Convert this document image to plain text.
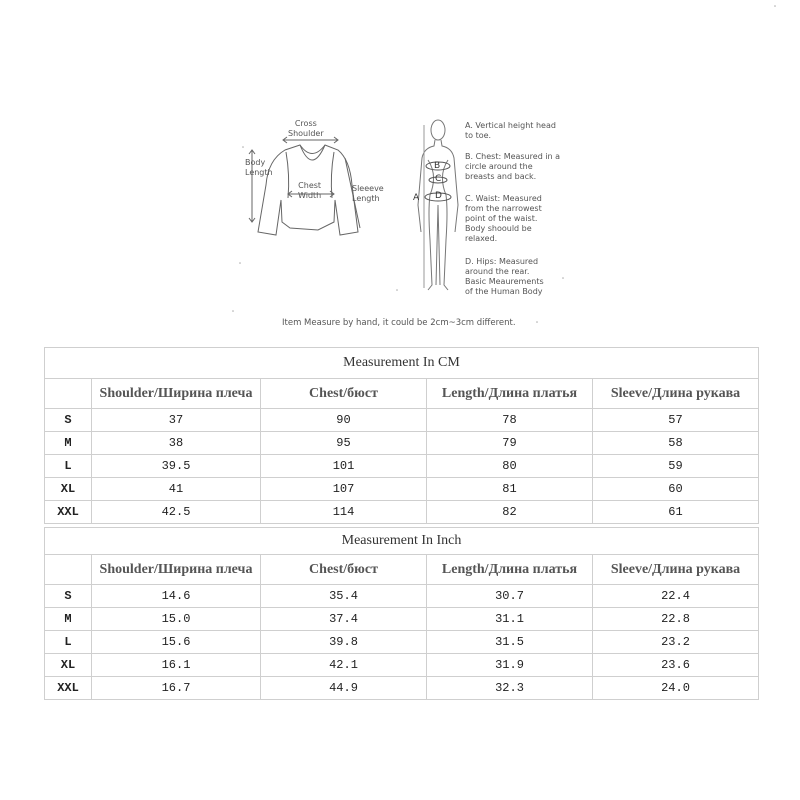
Cross
Shoulder
Body
Length
Chest
Width
Sleeeve
Length	A
B
C
D
A. Vertical height head
to toe.
B. Chest: Measured in a
circle around the
breasts and back.
C. Waist: Measured
from the narrowest
point of the waist.
Body shoould be
relaxed.
D. Hips: Measured
around the rear.
Basic Meaurements
of the Human Body
Item Measure by hand, it could be 2cm~3cm different.
Measurement In CM				
	Shoulder/Ширина плеча	Chest/бюст	Length/Длина платья	Sleeve/Длина рукава
S	37	90	78	57
M	38	95	79	58
L	39.5	101	80	59
XL	41	107	81	60
XXL	42.5	114	82	61
Measurement In Inch				
	Shoulder/Ширина плеча	Chest/бюст	Length/Длина платья	Sleeve/Длина рукава
S	14.6	35.4	30.7	22.4
M	15.0	37.4	31.1	22.8
L	15.6	39.8	31.5	23.2
XL	16.1	42.1	31.9	23.6
XXL	16.7	44.9	32.3	24.0
